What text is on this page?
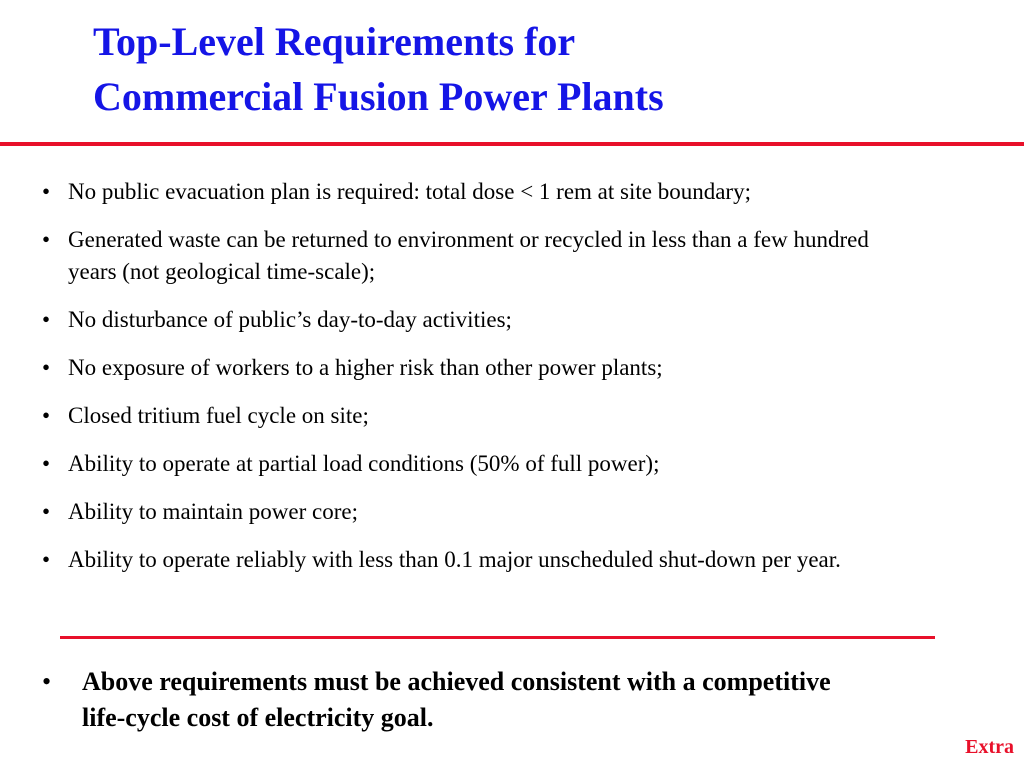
Top-Level Requirements for
Commercial Fusion Power Plants
• No public evacuation plan is required: total dose < 1 rem at site boundary;
• Generated waste can be returned to environment or recycled in less than a few hundred years (not geological time-scale);
• No disturbance of public’s day-to-day activities;
• No exposure of workers to a higher risk than other power plants;
• Closed tritium fuel cycle on site;
• Ability to operate at partial load conditions (50% of full power);
• Ability to maintain power core;
• Ability to operate reliably with less than 0.1 major unscheduled shut-down per year.
•	Above requirements must be achieved consistent with a competitive life-cycle cost of electricity goal.
Extra
